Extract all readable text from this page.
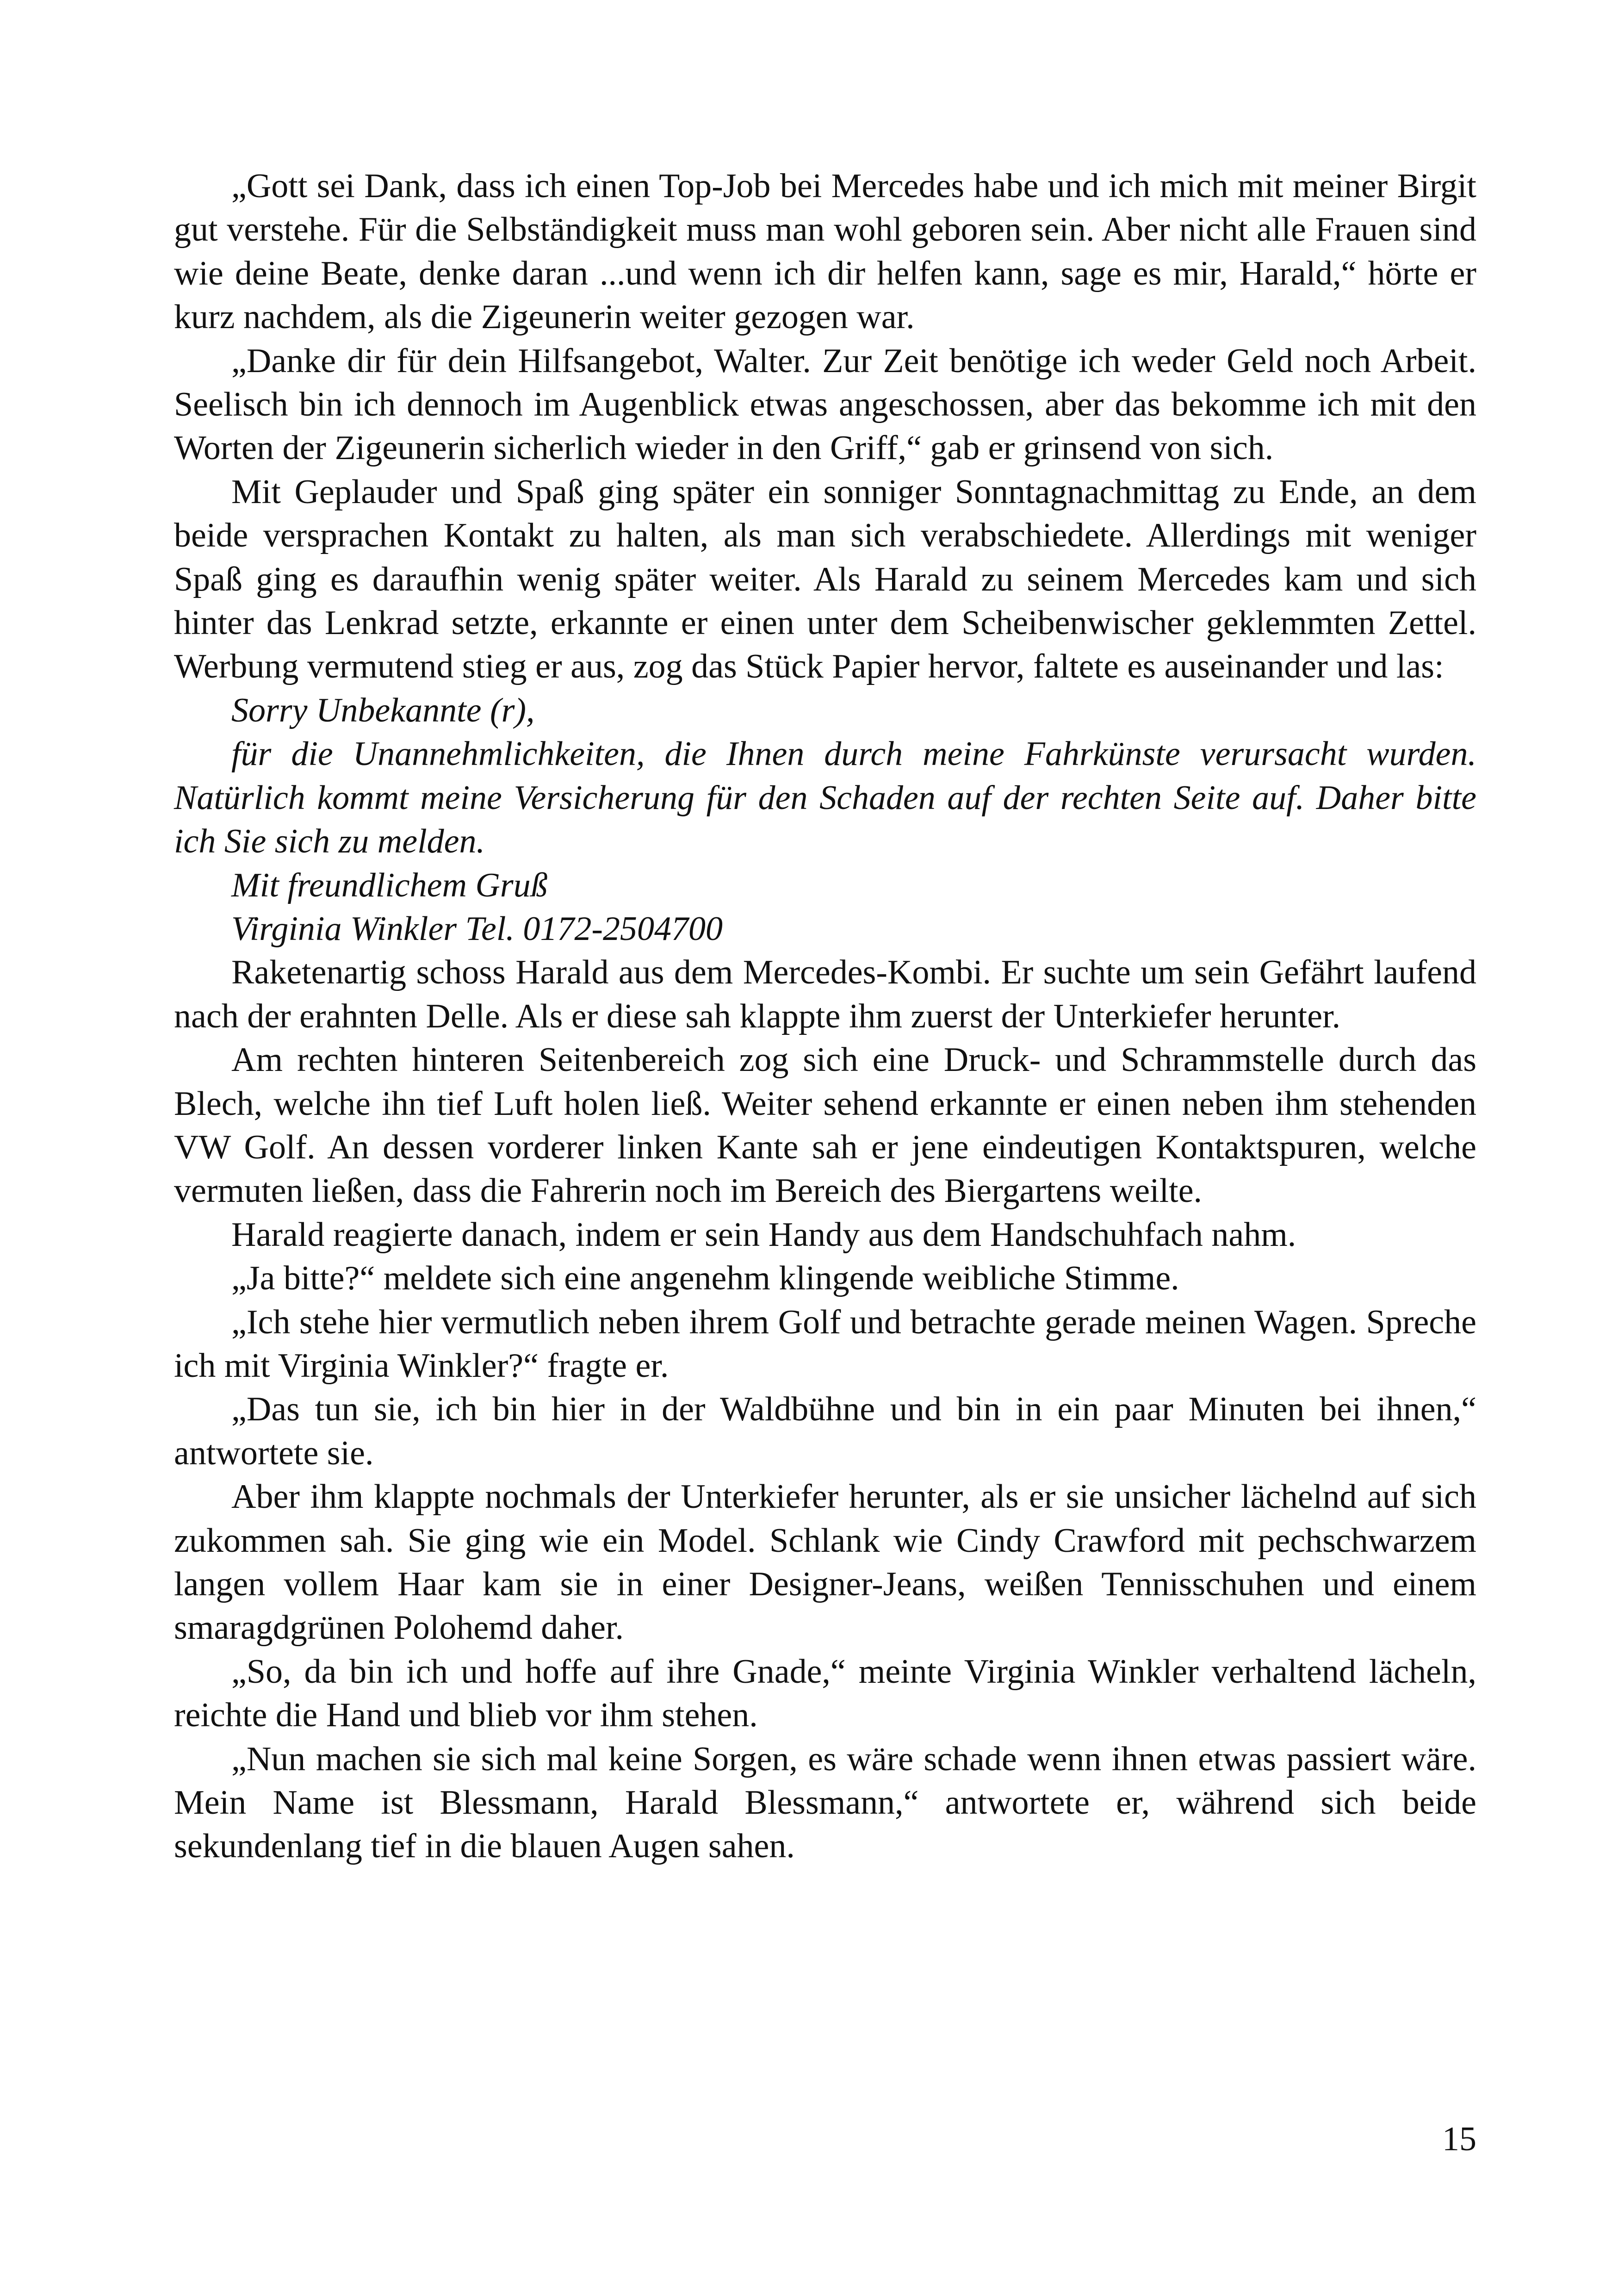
„Gott sei Dank, dass ich einen Top-Job bei Mercedes habe und ich mich mit meiner Birgit gut verstehe. Für die Selbständigkeit muss man wohl geboren sein. Aber nicht alle Frauen sind wie deine Beate, denke daran ...und wenn ich dir helfen kann, sage es mir, Harald,“ hörte er kurz nachdem, als die Zigeunerin weiter gezogen war.

„Danke dir für dein Hilfsangebot, Walter. Zur Zeit benötige ich weder Geld noch Arbeit. Seelisch bin ich dennoch im Augenblick etwas angeschossen, aber das bekomme ich mit den Worten der Zigeunerin sicherlich wieder in den Griff,“ gab er grinsend von sich.

Mit Geplauder und Spaß ging später ein sonniger Sonntagnachmittag zu Ende, an dem beide versprachen Kontakt zu halten, als man sich verabschiedete. Allerdings mit weniger Spaß ging es daraufhin wenig später weiter. Als Harald zu seinem Mercedes kam und sich hinter das Lenkrad setzte, erkannte er einen unter dem Scheibenwischer geklemmten Zettel. Werbung vermutend stieg er aus, zog das Stück Papier hervor, faltete es auseinander und las:

Sorry Unbekannte (r),

für die Unannehmlichkeiten, die Ihnen durch meine Fahrkünste verursacht wurden. Natürlich kommt meine Versicherung für den Schaden auf der rechten Seite auf. Daher bitte ich Sie sich zu melden.

Mit freundlichem Gruß

Virginia Winkler Tel. 0172-2504700

Raketenartig schoss Harald aus dem Mercedes-Kombi. Er suchte um sein Gefährt laufend nach der erahnten Delle. Als er diese sah klappte ihm zuerst der Unterkiefer herunter.

Am rechten hinteren Seitenbereich zog sich eine Druck- und Schrammstelle durch das Blech, welche ihn tief Luft holen ließ. Weiter sehend erkannte er einen neben ihm stehenden VW Golf. An dessen vorderer linken Kante sah er jene eindeutigen Kontaktspuren, welche vermuten ließen, dass die Fahrerin noch im Bereich des Biergartens weilte.

Harald reagierte danach, indem er sein Handy aus dem Handschuhfach nahm.

„Ja bitte?“ meldete sich eine angenehm klingende weibliche Stimme.

„Ich stehe hier vermutlich neben ihrem Golf und betrachte gerade meinen Wagen. Spreche ich mit Virginia Winkler?“ fragte er.

„Das tun sie, ich bin hier in der Waldbühne und bin in ein paar Minuten bei ihnen,“ antwortete sie.

Aber ihm klappte nochmals der Unterkiefer herunter, als er sie unsicher lächelnd auf sich zukommen sah. Sie ging wie ein Model. Schlank wie Cindy Crawford mit pechschwarzem langen vollem Haar kam sie in einer Designer-Jeans, weißen Tennisschuhen und einem smaragdgrünen Polohemd daher.

„So, da bin ich und hoffe auf ihre Gnade,“ meinte Virginia Winkler verhaltend lächeln, reichte die Hand und blieb vor ihm stehen.

„Nun machen sie sich mal keine Sorgen, es wäre schade wenn ihnen etwas passiert wäre. Mein Name ist Blessmann, Harald Blessmann,“ antwortete er, während sich beide sekundenlang tief in die blauen Augen sahen.

15
